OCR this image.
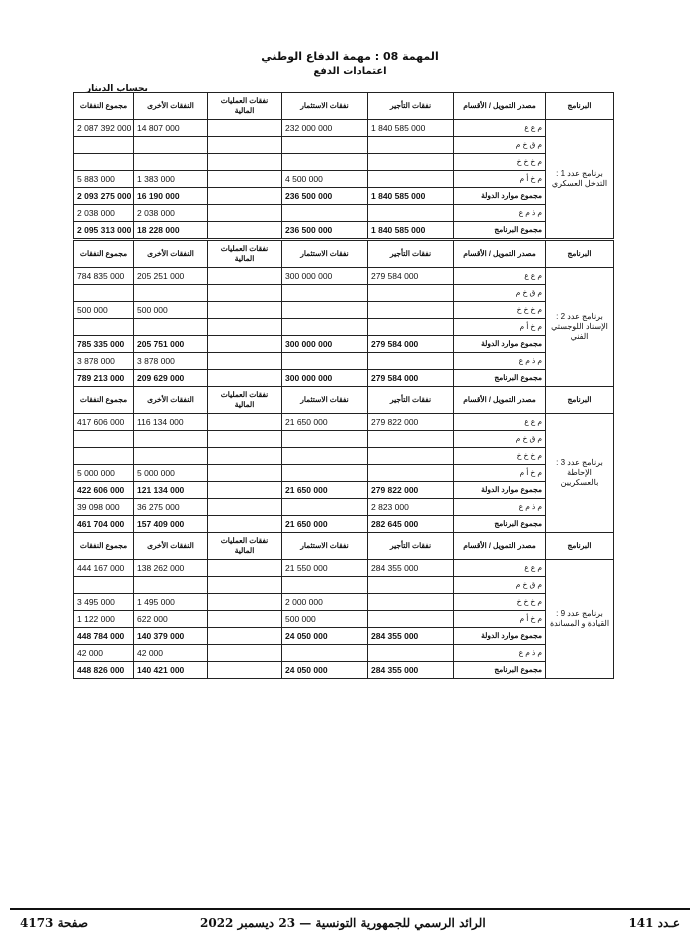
المهمة 08 : مهمة الدفاع الوطني
اعتمادات الدفع
بحساب الدينار
البرنامج	مصدر التمويل / الأقسام	نفقات التأجير	نفقات الاستثمار	نفقات العمليات المالية	النفقات الأخرى	مجموع النفقات
برنامج عدد 1 : التدخل العسكري	م ع ع	1 840 585 000	232 000 000		14 807 000	2 087 392 000
	م ق خ م					
	م خ خ خ					
	م خ أ م		4 500 000		1 383 000	5 883 000
	مجموع موارد الدولة	1 840 585 000	236 500 000		16 190 000	2 093 275 000
	م ذ م ع				2 038 000	2 038 000
	مجموع البرنامج	1 840 585 000	236 500 000		18 228 000	2 095 313 000
البرنامج	مصدر التمويل / الأقسام	نفقات التأجير	نفقات الاستثمار	نفقات العمليات المالية	النفقات الأخرى	مجموع النفقات
برنامج عدد 2 : الإسناد اللوجستي الفني	م ع ع	279 584 000	300 000 000		205 251 000	784 835 000
	م ق خ م					
	م خ خ خ				500 000	500 000
	م خ أ م					
	مجموع موارد الدولة	279 584 000	300 000 000		205 751 000	785 335 000
	م ذ م ع				3 878 000	3 878 000
	مجموع البرنامج	279 584 000	300 000 000		209 629 000	789 213 000
البرنامج	مصدر التمويل / الأقسام	نفقات التأجير	نفقات الاستثمار	نفقات العمليات المالية	النفقات الأخرى	مجموع النفقات
برنامج عدد 3 : الإحاطة بالعسكريين	م ع ع	279 822 000	21 650 000		116 134 000	417 606 000
	م ق خ م					
	م خ خ خ					
	م خ أ م				5 000 000	5 000 000
	مجموع موارد الدولة	279 822 000	21 650 000		121 134 000	422 606 000
	م ذ م ع	2 823 000			36 275 000	39 098 000
	مجموع البرنامج	282 645 000	21 650 000		157 409 000	461 704 000
البرنامج	مصدر التمويل / الأقسام	نفقات التأجير	نفقات الاستثمار	نفقات العمليات المالية	النفقات الأخرى	مجموع النفقات
برنامج عدد 9 : القيادة و المساندة	م ع ع	284 355 000	21 550 000		138 262 000	444 167 000
	م ق خ م					
	م خ خ خ		2 000 000		1 495 000	3 495 000
	م خ أ م		500 000		622 000	1 122 000
	مجموع موارد الدولة	284 355 000	24 050 000		140 379 000	448 784 000
	م ذ م ع				42 000	42 000
	مجموع البرنامج	284 355 000	24 050 000		140 421 000	448 826 000
صفحة 4173	الرائد الرسمي للجمهورية التونسية — 23 ديسمبر 2022	عـدد 141
